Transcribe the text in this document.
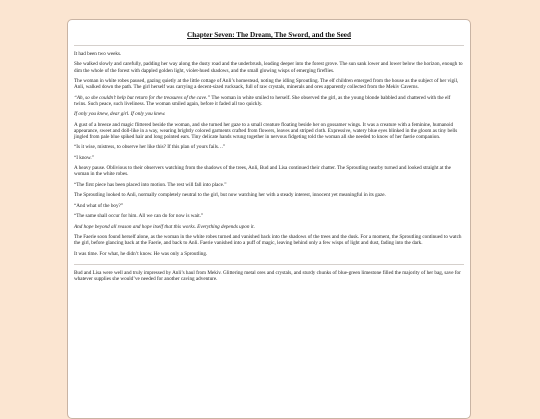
Chapter Seven: The Dream, The Sword, and the Seed

It had been two weeks.

She walked slowly and carefully, padding her way along the dusty road and the underbrush, leading deeper into the forest grove. The sun sank lower and lower below the horizon, enough to dim the whole of the forest with dappled golden light, violet-hued shadows, and the small glowing wisps of emerging fireflies.

The woman in white robes paused, gazing quietly at the little cottage of Anli’s homestead, noting the idling Sproutling. The elf children emerged from the house as the subject of her vigil, Anli, walked down the path. The girl herself was carrying a decent-sized rucksack, full of raw crystals, minerals and ores apparently collected from the Mekiv Caverns.

“Ah, so she couldn’t help but return for the treasures of the cave.” The woman in white smiled to herself. She observed the girl, as the young blonde babbled and chattered with the elf twins. Such peace, such liveliness. The woman smiled again, before it faded all too quickly.

If only you knew, dear girl. If only you knew.

A gust of a breeze and magic flittered beside the woman, and she turned her gaze to a small creature floating beside her on gossamer wings. It was a creature with a feminine, humanoid appearance, sweet and doll-like in a way, wearing brightly colored garments crafted from flowers, leaves and striped cloth. Expressive, watery blue eyes blinked in the gloom as tiny bells jingled from pale blue spiked hair and long pointed ears. Tiny delicate hands wrung together in nervous fidgeting told the woman all she needed to know of her faerie companion.

“Is it wise, mistress, to observe her like this? If this plan of yours fails…”

“I know.”

A heavy pause. Oblivious to their observers watching from the shadows of the trees, Anli, Bud and Lisa continued their chatter. The Sproutling nearby turned and looked straight at the woman in the white robes.

“The first piece has been placed into motion. The rest will fall into place.”

The Sproutling looked to Anli, normally completely neutral to the girl, but now watching her with a steady interest, innocent yet meaningful in its gaze.

“And what of the boy?”

“The same shall occur for him. All we can do for now is wait.”

And hope beyond all reason and hope itself that this works. Everything depends upon it.

The Faerie soon found herself alone, as the woman in the white robes turned and vanished back into the shadows of the trees and the dusk. For a moment, the Sproutling continued to watch the girl, before glancing back at the Faerie, and back to Anli. Faerie vanished into a puff of magic, leaving behind only a few wisps of light and dust, fading into the dark.

It was time. For what, he didn’t know. He was only a Sproutling.

Bud and Lisa were well and truly impressed by Anli’s haul from Mekiv. Glittering metal ores and crystals, and sturdy chunks of blue-green limestone filled the majority of her bag, save for whatever supplies she would’ve needed for another caving adventure.
